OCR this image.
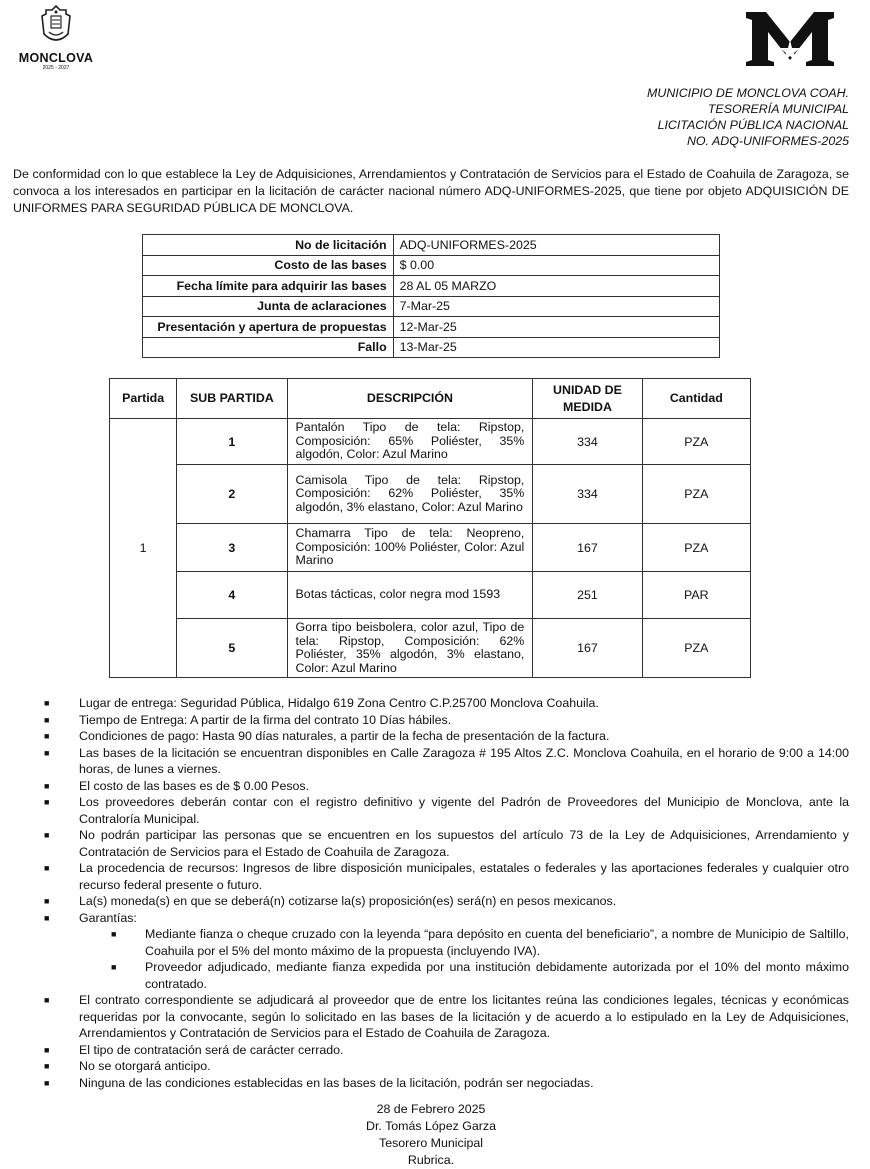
MONCLOVA
2025 ◦ 2027
MUNICIPIO DE MONCLOVA COAH.
TESORERÍA MUNICIPAL
LICITACIÓN PÚBLICA NACIONAL
NO. ADQ-UNIFORMES-2025
De conformidad con lo que establece la Ley de Adquisiciones, Arrendamientos y Contratación de Servicios para el Estado de Coahuila de Zaragoza, se convoca a los interesados en participar en la licitación de carácter nacional número ADQ-UNIFORMES-2025, que tiene por objeto ADQUISICIÓN DE UNIFORMES PARA SEGURIDAD PÚBLICA DE MONCLOVA.
No de licitación	ADQ-UNIFORMES-2025
Costo de las bases	$ 0.00
Fecha límite para adquirir las bases	28 AL 05 MARZO
Junta de aclaraciones	7-Mar-25
Presentación y apertura de propuestas	12-Mar-25
Fallo	13-Mar-25
Partida	SUB PARTIDA	DESCRIPCIÓN	UNIDAD DE MEDIDA	Cantidad
1	1	Pantalón Tipo de tela: Ripstop, Composición: 65% Poliéster, 35% algodón, Color: Azul Marino	334	PZA
	2	Camisola Tipo de tela: Ripstop, Composición: 62% Poliéster, 35% algodón, 3% elastano, Color: Azul Marino	334	PZA
	3	Chamarra Tipo de tela: Neopreno, Composición: 100% Poliéster, Color: Azul Marino	167	PZA
	4	Botas tácticas, color negra mod 1593	251	PAR
	5	Gorra tipo beisbolera, color azul, Tipo de tela: Ripstop, Composición: 62% Poliéster, 35% algodón, 3% elastano, Color: Azul Marino	167	PZA
■	Lugar de entrega: Seguridad Pública, Hidalgo 619 Zona Centro C.P.25700 Monclova Coahuila.
■	Tiempo de Entrega: A partir de la firma del contrato 10 Días hábiles.
■	Condiciones de pago: Hasta 90 días naturales, a partir de la fecha de presentación de la factura.
■	Las bases de la licitación se encuentran disponibles en Calle Zaragoza # 195 Altos Z.C. Monclova Coahuila, en el horario de 9:00 a 14:00 horas, de lunes a viernes.
■	El costo de las bases es de $ 0.00 Pesos.
■	Los proveedores deberán contar con el registro definitivo y vigente del Padrón de Proveedores del Municipio de Monclova, ante la Contraloría Municipal.
■	No podrán participar las personas que se encuentren en los supuestos del artículo 73 de la Ley de Adquisiciones, Arrendamiento y Contratación de Servicios para el Estado de Coahuila de Zaragoza.
■	La procedencia de recursos: Ingresos de libre disposición municipales, estatales o federales y las aportaciones federales y cualquier otro recurso federal presente o futuro.
■	La(s) moneda(s) en que se deberá(n) cotizarse la(s) proposición(es) será(n) en pesos mexicanos.
■	Garantías:
■	Mediante fianza o cheque cruzado con la leyenda “para depósito en cuenta del beneficiario”, a nombre de Municipio de Saltillo, Coahuila por el 5% del monto máximo de la propuesta (incluyendo IVA).
■	Proveedor adjudicado, mediante fianza expedida por una institución debidamente autorizada por el 10% del monto máximo contratado.
■	El contrato correspondiente se adjudicará al proveedor que de entre los licitantes reúna las condiciones legales, técnicas y económicas requeridas por la convocante, según lo solicitado en las bases de la licitación y de acuerdo a lo estipulado en la Ley de Adquisiciones, Arrendamientos y Contratación de Servicios para el Estado de Coahuila de Zaragoza.
■	El tipo de contratación será de carácter cerrado.
■	No se otorgará anticipo.
■	Ninguna de las condiciones establecidas en las bases de la licitación, podrán ser negociadas.
28 de Febrero 2025
Dr. Tomás López Garza
Tesorero Municipal
Rubrica.
